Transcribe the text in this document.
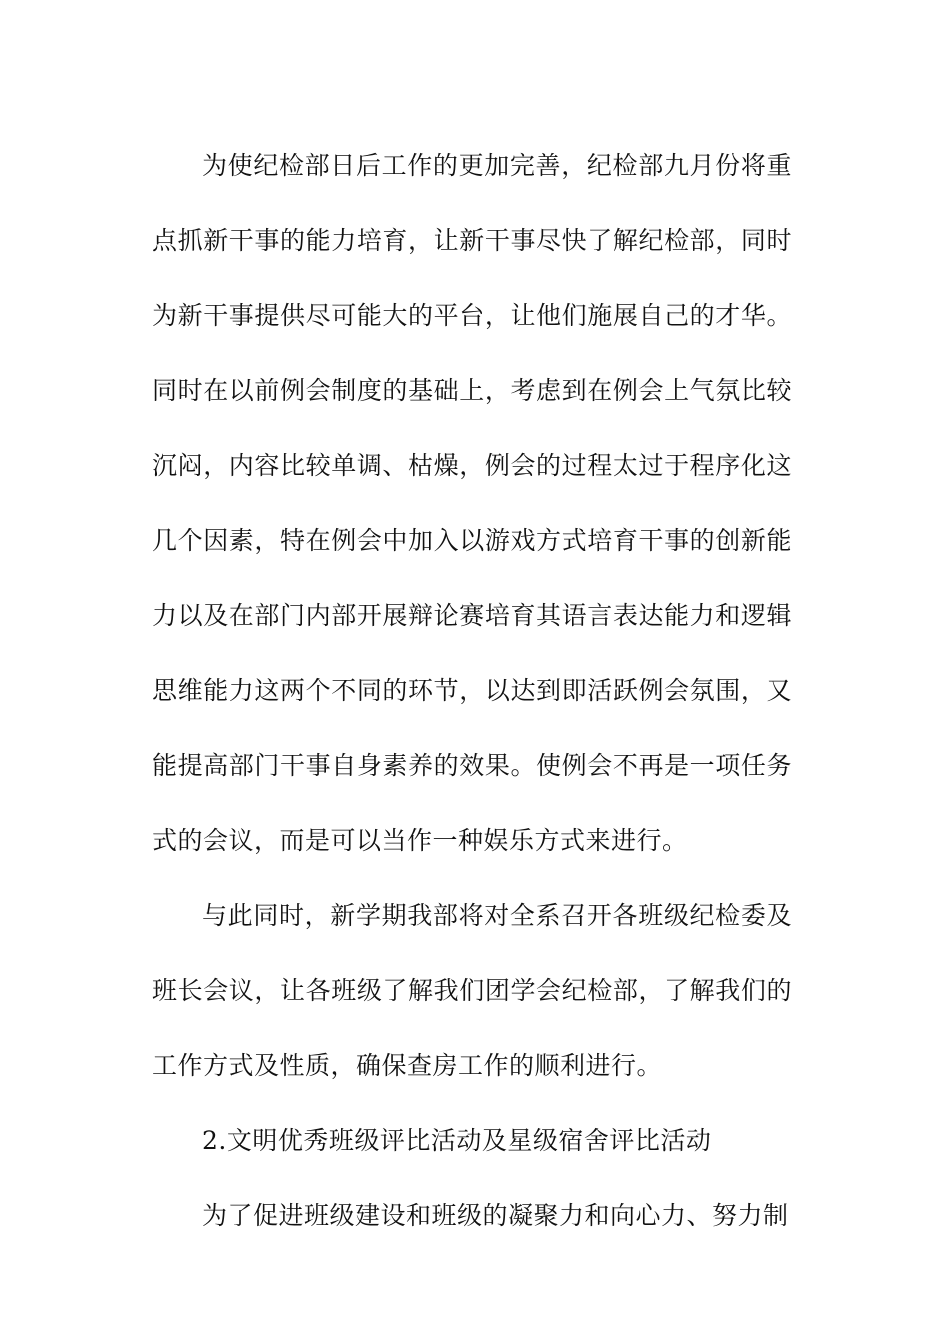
为使纪检部日后工作的更加完善，纪检部九月份将重点抓新干事的能力培育，让新干事尽快了解纪检部，同时为新干事提供尽可能大的平台，让他们施展自己的才华。同时在以前例会制度的基础上，考虑到在例会上气氛比较沉闷，内容比较单调、枯燥，例会的过程太过于程序化这几个因素，特在例会中加入以游戏方式培育干事的创新能力以及在部门内部开展辩论赛培育其语言表达能力和逻辑思维能力这两个不同的环节，以达到即活跃例会氛围，又能提高部门干事自身素养的效果。使例会不再是一项任务式的会议，而是可以当作一种娱乐方式来进行。

与此同时，新学期我部将对全系召开各班级纪检委及班长会议，让各班级了解我们团学会纪检部，了解我们的工作方式及性质，确保查房工作的顺利进行。

2.文明优秀班级评比活动及星级宿舍评比活动

为了促进班级建设和班级的凝聚力和向心力、努力制
